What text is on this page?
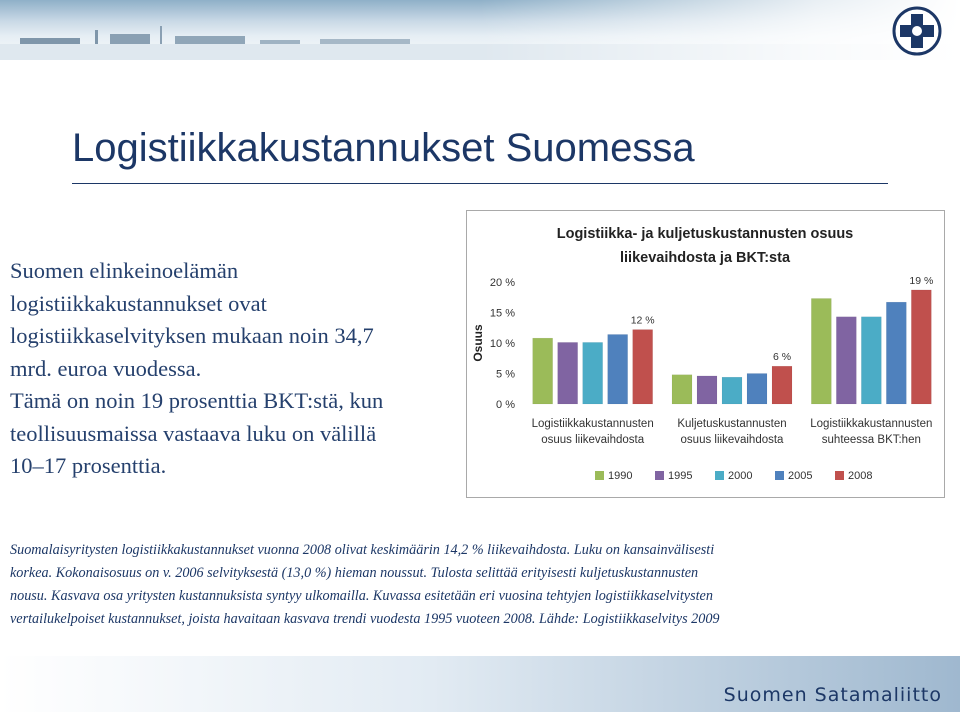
Logistiikkakustannukset Suomessa

Suomen elinkeinoelämän
logistiikkakustannukset ovat
logistiikkaselvityksen mukaan noin 34,7
mrd. euroa vuodessa.
Tämä on noin 19 prosenttia BKT:stä, kun
teollisuusmaissa vastaava luku on välillä
10–17 prosenttia.

Logistiikka- ja kuljetuskustannusten osuus
liikevaihdosta ja BKT:sta
Osuus
0 %
5 %
10 %
15 %
20 %
Logistiikkakustannusten
osuus liikevaihdosta
Kuljetuskustannusten
osuus liikevaihdosta
Logistiikkakustannusten
suhteessa BKT:hen
12 %
6 %
19 %
1990	1995	2000	2005	2008

Suomalaisyritysten logistiikkakustannukset vuonna 2008 olivat keskimäärin 14,2 % liikevaihdosta. Luku on kansainvälisesti
korkea. Kokonaisosuus on v. 2006 selvityksestä (13,0 %) hieman noussut. Tulosta selittää erityisesti kuljetuskustannusten
nousu. Kasvava osa yritysten kustannuksista syntyy ulkomailla. Kuvassa esitetään eri vuosina tehtyjen logistiikkaselvitysten
vertailukelpoiset kustannukset, joista havaitaan kasvava trendi vuodesta 1995 vuoteen 2008. Lähde: Logistiikkaselvitys 2009

Suomen Satamaliitto
